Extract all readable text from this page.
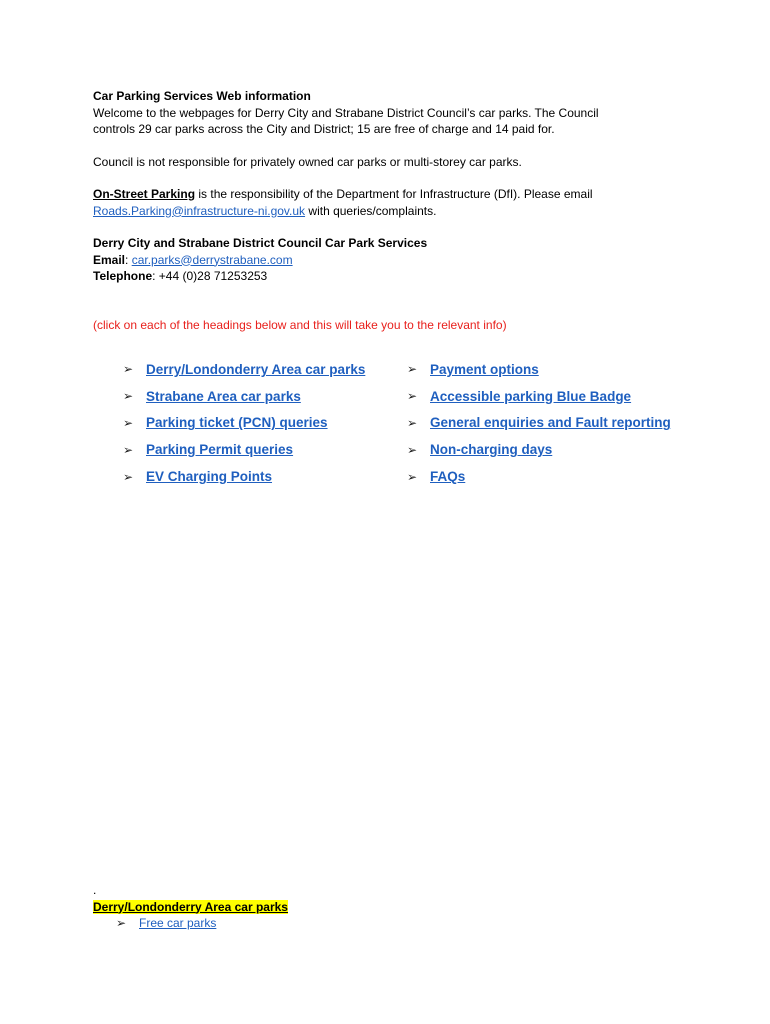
Car Parking Services Web information

Welcome to the webpages for Derry City and Strabane District Council’s car parks. The Council

controls 29 car parks across the City and District; 15 are free of charge and 14 paid for.

Council is not responsible for privately owned car parks or multi-storey car parks.

On-Street Parking is the responsibility of the Department for Infrastructure (DfI). Please email

Roads.Parking@infrastructure-ni.gov.uk with queries/complaints.

Derry City and Strabane District Council Car Park Services

Email: car.parks@derrystrabane.com

Telephone: +44 (0)28 71253253

(click on each of the headings below and this will take you to the relevant info)

➢ Derry/Londonderry Area car parks	➢ Payment options
➢ Strabane Area car parks	➢ Accessible parking Blue Badge
➢ Parking ticket (PCN) queries	➢ General enquiries and Fault reporting
➢ Parking Permit queries	➢ Non-charging days
➢ EV Charging Points	➢ FAQs

.

Derry/Londonderry Area car parks

➢	Free car parks
